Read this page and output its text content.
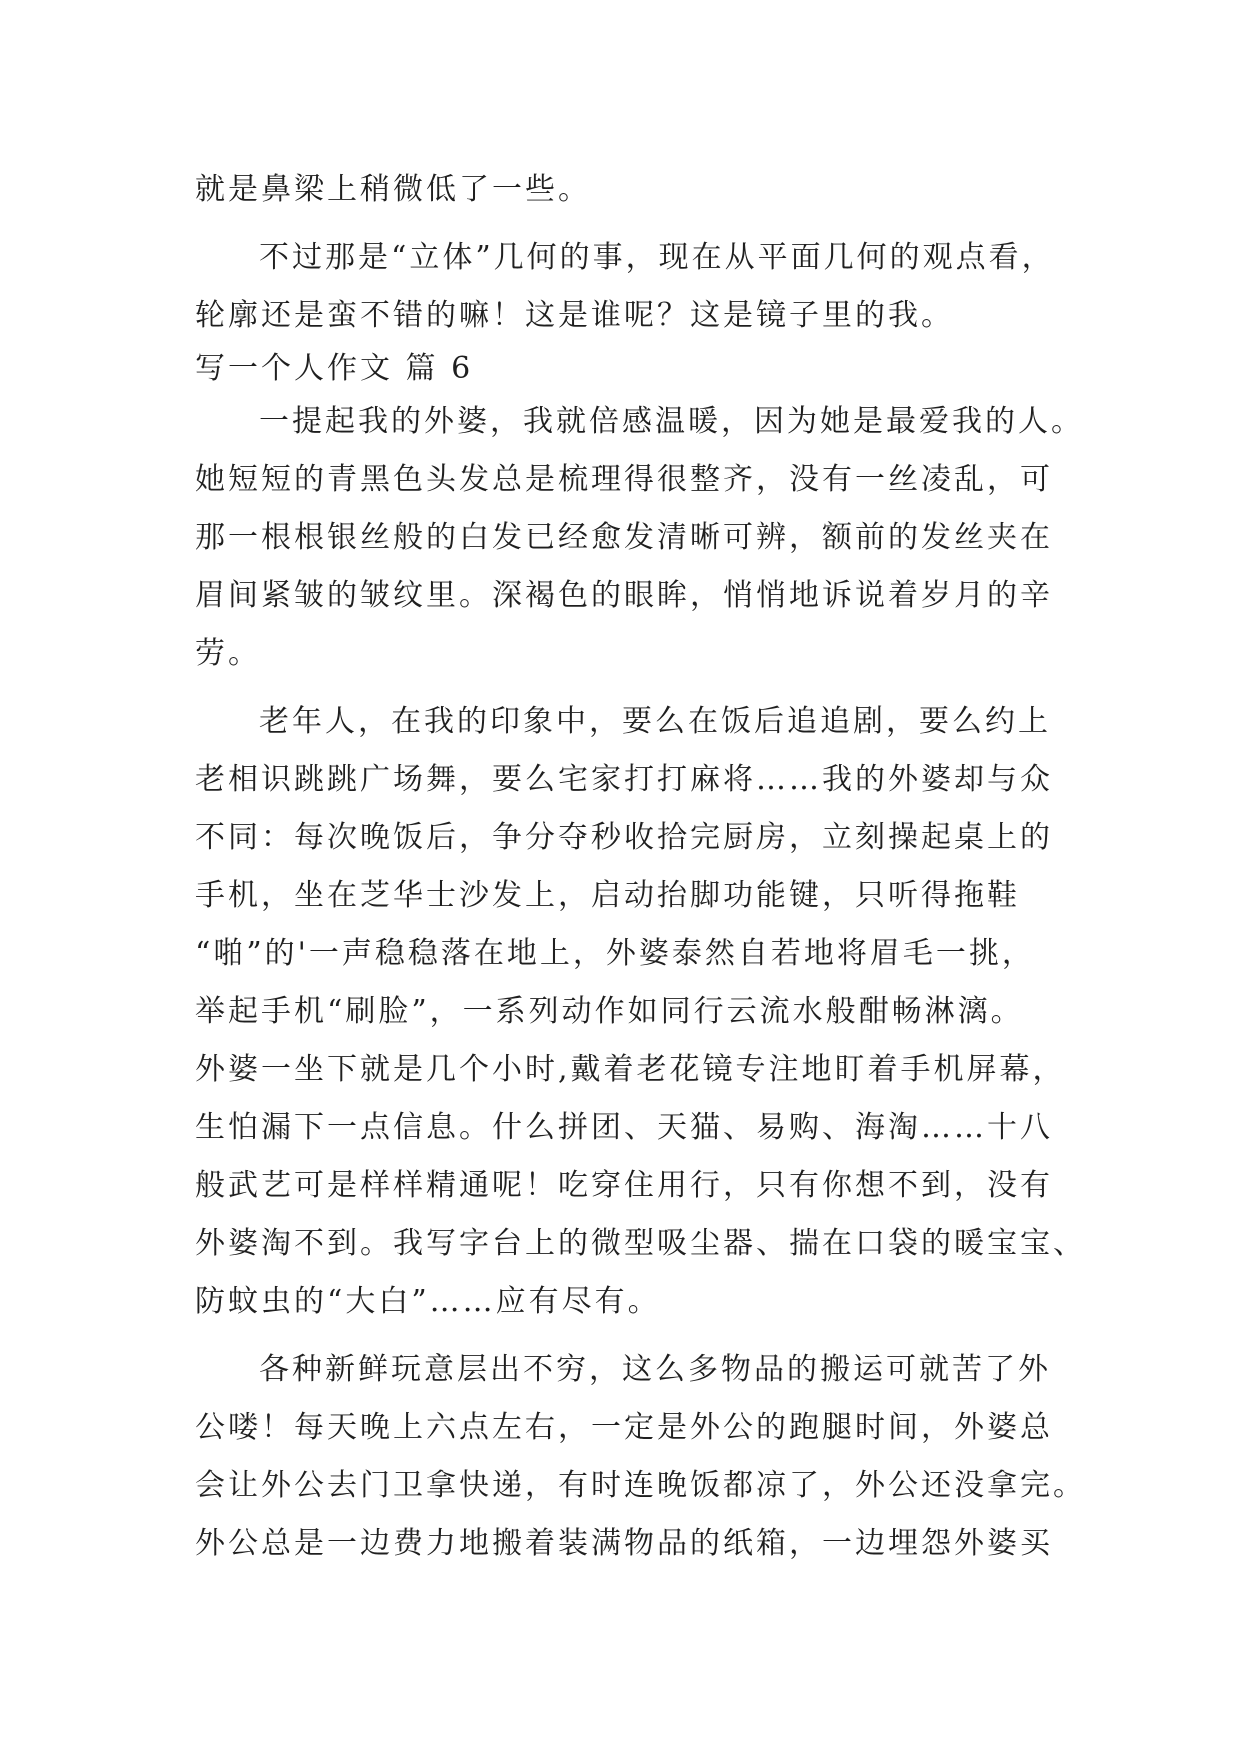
就是鼻梁上稍微低了一些。
不过那是“立体”几何的事，现在从平面几何的观点看，
轮廓还是蛮不错的嘛！这是谁呢？这是镜子里的我。
写一个人作文 篇 6
一提起我的外婆，我就倍感温暖，因为她是最爱我的人。
她短短的青黑色头发总是梳理得很整齐，没有一丝凌乱，可
那一根根银丝般的白发已经愈发清晰可辨，额前的发丝夹在
眉间紧皱的皱纹里。深褐色的眼眸，悄悄地诉说着岁月的辛
劳。
老年人，在我的印象中，要么在饭后追追剧，要么约上
老相识跳跳广场舞，要么宅家打打麻将……我的外婆却与众
不同：每次晚饭后，争分夺秒收拾完厨房，立刻操起桌上的
手机，坐在芝华士沙发上，启动抬脚功能键，只听得拖鞋
“啪”的'一声稳稳落在地上，外婆泰然自若地将眉毛一挑，
举起手机“刷脸”，一系列动作如同行云流水般酣畅淋漓。
外婆一坐下就是几个小时,戴着老花镜专注地盯着手机屏幕，
生怕漏下一点信息。什么拼团、天猫、易购、海淘……十八
般武艺可是样样精通呢！吃穿住用行，只有你想不到，没有
外婆淘不到。我写字台上的微型吸尘器、揣在口袋的暖宝宝、
防蚊虫的“大白”……应有尽有。
各种新鲜玩意层出不穷，这么多物品的搬运可就苦了外
公喽！每天晚上六点左右，一定是外公的跑腿时间，外婆总
会让外公去门卫拿快递，有时连晚饭都凉了，外公还没拿完。
外公总是一边费力地搬着装满物品的纸箱，一边埋怨外婆买
